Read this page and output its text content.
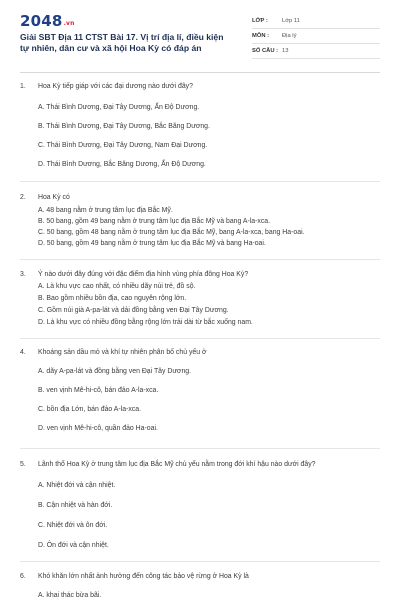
2048.vn
Giải SBT Địa 11 CTST Bài 17. Vị trí địa lí, điều kiện tự nhiên, dân cư và xã hội Hoa Kỳ có đáp án
LỚP :	Lớp 11
MÔN :	Địa lý
SỐ CÂU : 13
1. Hoa Kỳ tiếp giáp với các đại dương nào dưới đây?
A. Thái Bình Dương, Đại Tây Dương, Ấn Độ Dương.
B. Thái Bình Dương, Đại Tây Dương, Bắc Băng Dương.
C. Thái Bình Dương, Đại Tây Dương, Nam Đại Dương.
D. Thái Bình Dương, Bắc Băng Dương, Ấn Độ Dương.
2. Hoa Kỳ có
A. 48 bang nằm ở trung tâm lục địa Bắc Mỹ.
B. 50 bang, gồm 49 bang nằm ở trung tâm lục địa Bắc Mỹ và bang A-la-xca.
C. 50 bang, gồm 48 bang nằm ở trung tâm lục địa Bắc Mỹ, bang A-la-xca, bang Ha-oai.
D. 50 bang, gồm 49 bang nằm ở trung tâm lục địa Bắc Mỹ và bang Ha-oai.
3. Ý nào dưới đây đúng với đặc điểm địa hình vùng phía đông Hoa Kỳ?
A. Là khu vực cao nhất, có nhiều dãy núi trẻ, đồ sộ.
B. Bao gồm nhiều bồn địa, cao nguyên rộng lớn.
C. Gồm núi già A-pa-lát và dải đồng bằng ven Đại Tây Dương.
D. Là khu vực có nhiều đồng bằng rộng lớn trải dài từ bắc xuống nam.
4. Khoáng sản dầu mỏ và khí tự nhiên phân bố chủ yếu ở
A. dãy A-pa-lát và đồng bằng ven Đại Tây Dương.
B. ven vịnh Mê-hi-cô, bán đảo A-la-xca.
C. bồn địa Lớn, bán đảo A-la-xca.
D. ven vịnh Mê-hi-cô, quần đảo Ha-oai.
5. Lãnh thổ Hoa Kỳ ở trung tâm lục địa Bắc Mỹ chủ yếu nằm trong đới khí hậu nào dưới đây?
A. Nhiệt đới và cận nhiệt.
B. Cận nhiệt và hàn đới.
C. Nhiệt đới và ôn đới.
D. Ôn đới và cận nhiệt.
6. Khó khăn lớn nhất ảnh hưởng đến công tác bảo vệ rừng ở Hoa Kỳ là
A. khai thác bừa bãi.
